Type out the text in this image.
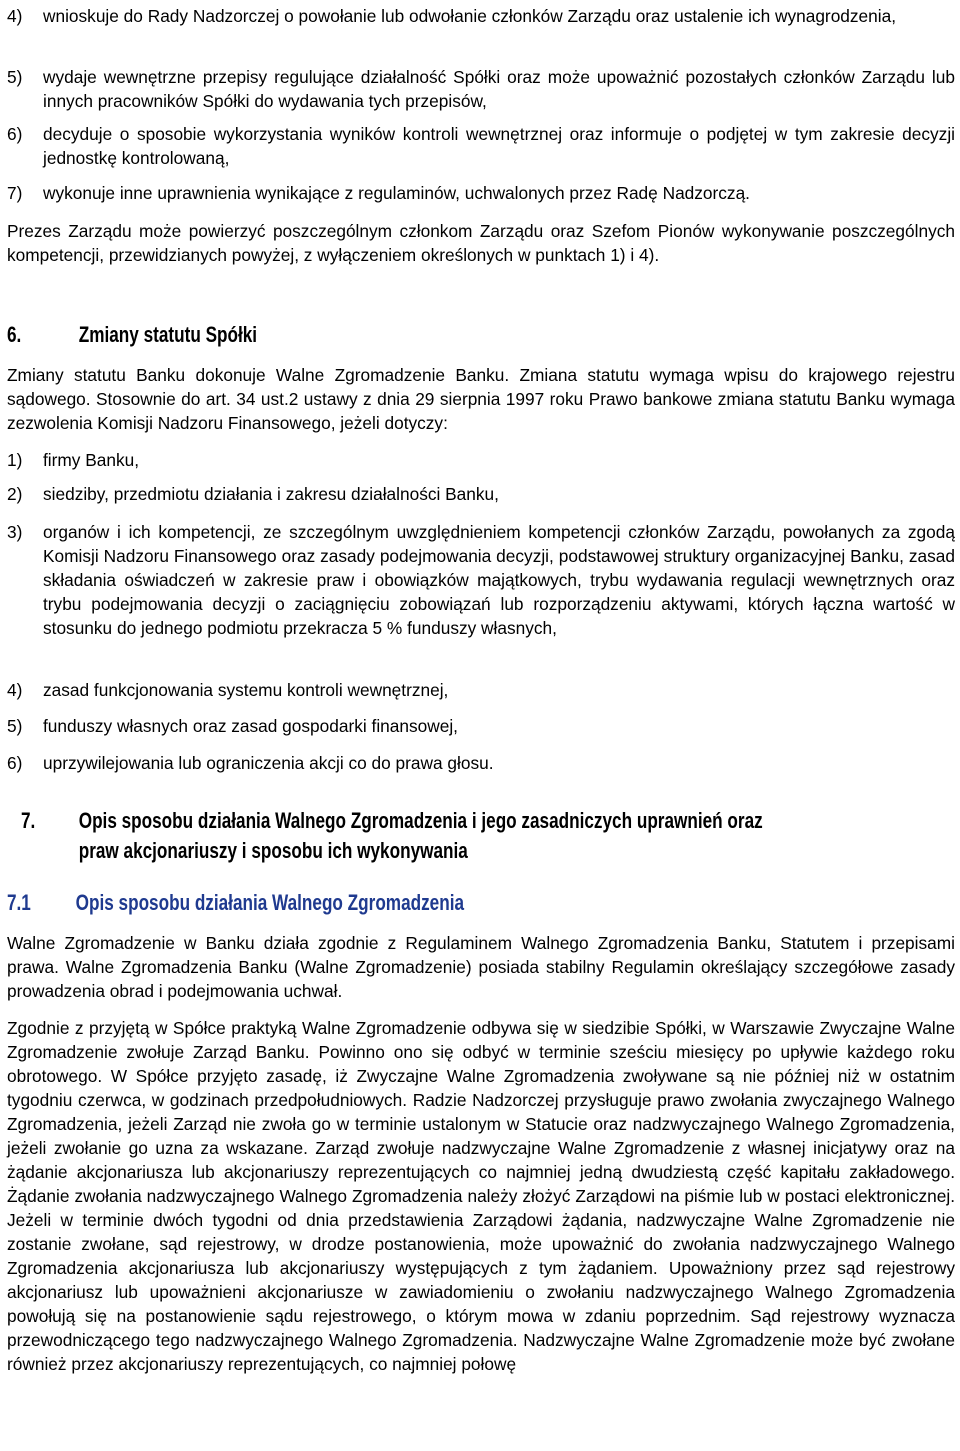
4)	wnioskuje do Rady Nadzorczej o powołanie lub odwołanie członków Zarządu oraz ustalenie ich wynagrodzenia,
5)	wydaje wewnętrzne przepisy regulujące działalność Spółki oraz może upoważnić pozostałych członków Zarządu lub innych pracowników Spółki do wydawania tych przepisów,
6)	decyduje o sposobie wykorzystania wyników kontroli wewnętrznej oraz informuje o podjętej w tym zakresie decyzji jednostkę kontrolowaną,
7)	wykonuje inne uprawnienia wynikające z regulaminów, uchwalonych przez Radę Nadzorczą.

Prezes Zarządu może powierzyć poszczególnym członkom Zarządu oraz Szefom Pionów wykonywanie poszczególnych kompetencji, przewidzianych powyżej, z wyłączeniem określonych w punktach 1) i 4).

6.	Zmiany statutu Spółki

Zmiany statutu Banku dokonuje Walne Zgromadzenie Banku. Zmiana statutu wymaga wpisu do krajowego rejestru sądowego. Stosownie do art. 34 ust.2 ustawy z dnia 29 sierpnia 1997 roku Prawo bankowe zmiana statutu Banku wymaga zezwolenia Komisji Nadzoru Finansowego, jeżeli dotyczy:

1)	firmy Banku,
2)	siedziby, przedmiotu działania i zakresu działalności Banku,
3)	organów i ich kompetencji, ze szczególnym uwzględnieniem kompetencji członków Zarządu, powołanych za zgodą Komisji Nadzoru Finansowego oraz zasady podejmowania decyzji, podstawowej struktury organizacyjnej Banku, zasad składania oświadczeń w zakresie praw i obowiązków majątkowych, trybu wydawania regulacji wewnętrznych oraz trybu podejmowania decyzji o zaciągnięciu zobowiązań lub rozporządzeniu aktywami, których łączna wartość w stosunku do jednego podmiotu przekracza 5 % funduszy własnych,
4)	zasad funkcjonowania systemu kontroli wewnętrznej,
5)	funduszy własnych oraz zasad gospodarki finansowej,
6)	uprzywilejowania lub ograniczenia akcji co do prawa głosu.
7. Opis sposobu działania Walnego Zgromadzenia i jego zasadniczych uprawnień oraz
praw akcjonariuszy i sposobu ich wykonywania
7.1 Opis sposobu działania Walnego Zgromadzenia

Walne Zgromadzenie w Banku działa zgodnie z Regulaminem Walnego Zgromadzenia Banku, Statutem i przepisami prawa. Walne Zgromadzenia Banku (Walne Zgromadzenie) posiada stabilny Regulamin określający szczegółowe zasady prowadzenia obrad i podejmowania uchwał.

Zgodnie z przyjętą w Spółce praktyką Walne Zgromadzenie odbywa się w siedzibie Spółki, w Warszawie Zwyczajne Walne Zgromadzenie zwołuje Zarząd Banku. Powinno ono się odbyć w terminie sześciu miesięcy po upływie każdego roku obrotowego. W Spółce przyjęto zasadę, iż Zwyczajne Walne Zgromadzenia zwoływane są nie później niż w ostatnim tygodniu czerwca, w godzinach przedpołudniowych. Radzie Nadzorczej przysługuje prawo zwołania zwyczajnego Walnego Zgromadzenia, jeżeli Zarząd nie zwoła go w terminie ustalonym w Statucie oraz nadzwyczajnego Walnego Zgromadzenia, jeżeli zwołanie go uzna za wskazane. Zarząd zwołuje nadzwyczajne Walne Zgromadzenie z własnej inicjatywy oraz na żądanie akcjonariusza lub akcjonariuszy reprezentujących co najmniej jedną dwudziestą część kapitału zakładowego. Żądanie zwołania nadzwyczajnego Walnego Zgromadzenia należy złożyć Zarządowi na piśmie lub w postaci elektronicznej. Jeżeli w terminie dwóch tygodni od dnia przedstawienia Zarządowi żądania, nadzwyczajne Walne Zgromadzenie nie zostanie zwołane, sąd rejestrowy, w drodze postanowienia, może upoważnić do zwołania nadzwyczajnego Walnego Zgromadzenia akcjonariusza lub akcjonariuszy występujących z tym żądaniem. Upoważniony przez sąd rejestrowy akcjonariusz lub upoważnieni akcjonariusze w zawiadomieniu o zwołaniu nadzwyczajnego Walnego Zgromadzenia powołują się na postanowienie sądu rejestrowego, o którym mowa w zdaniu poprzednim. Sąd rejestrowy wyznacza przewodniczącego tego nadzwyczajnego Walnego Zgromadzenia. Nadzwyczajne Walne Zgromadzenie może być zwołane również przez akcjonariuszy reprezentujących, co najmniej połowę
